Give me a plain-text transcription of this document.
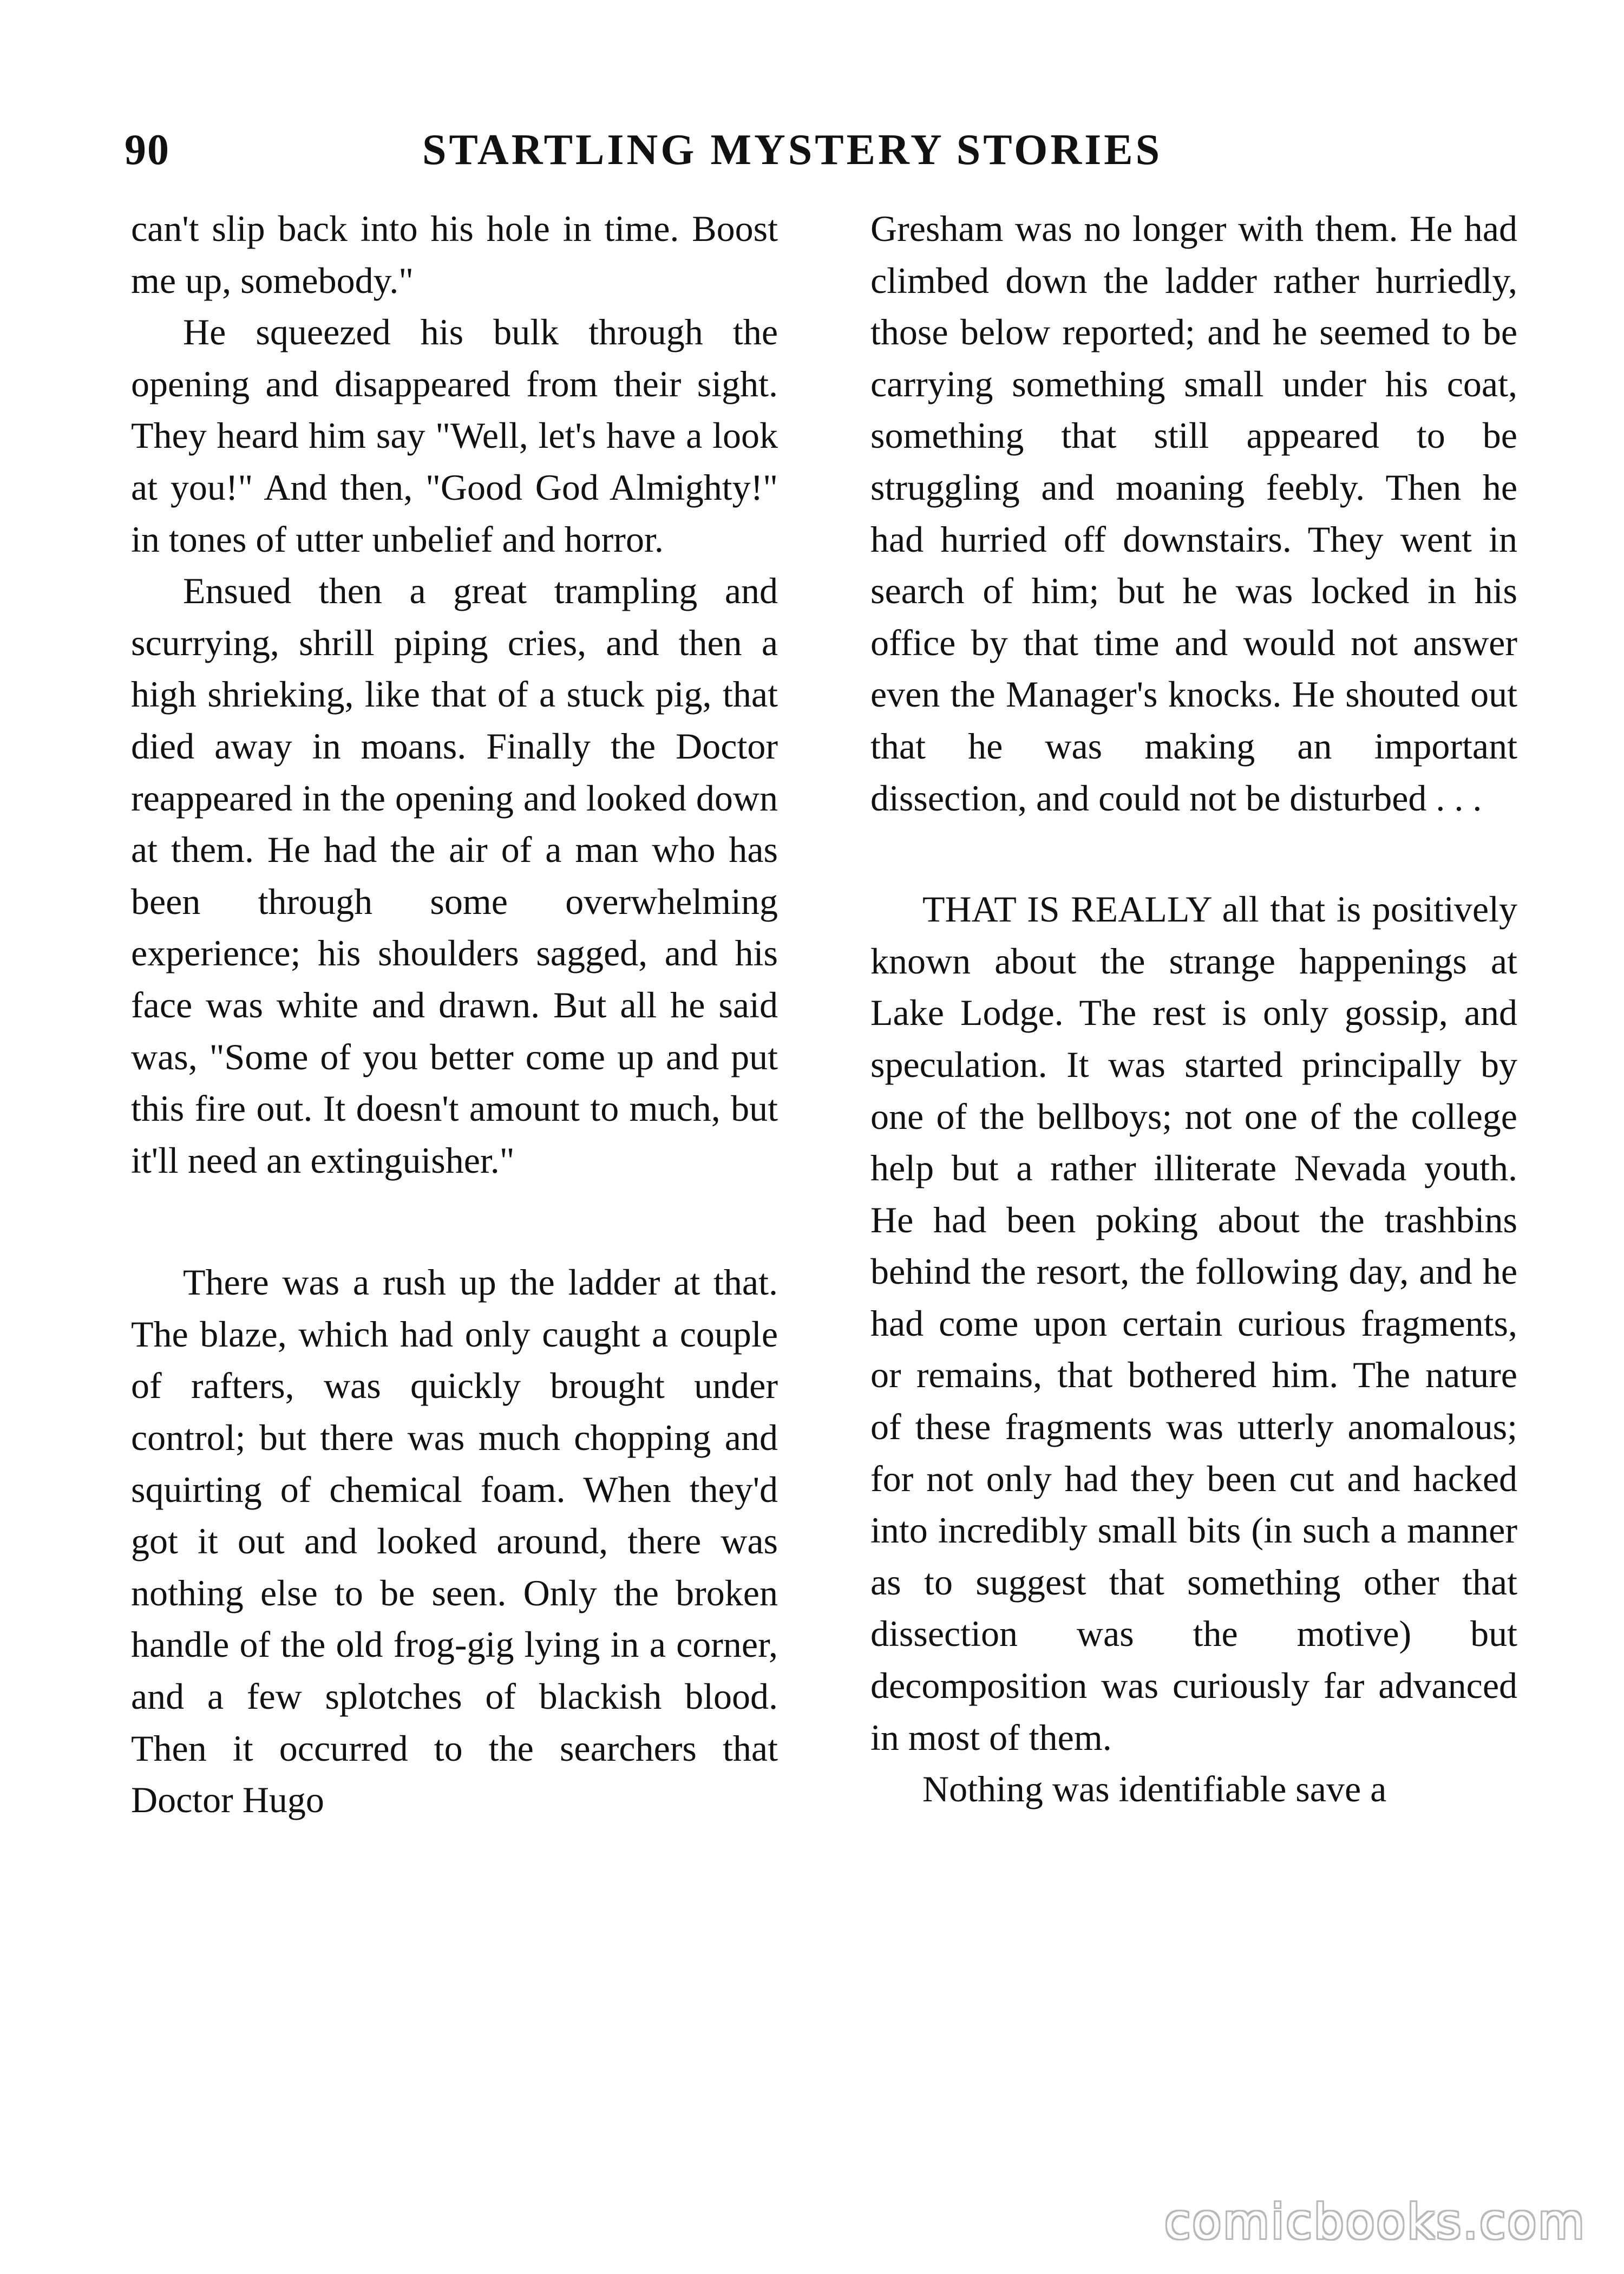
90	STARTLING MYSTERY STORIES

can't slip back into his hole in time. Boost me up, somebody."

He squeezed his bulk through the opening and disappeared from their sight. They heard him say "Well, let's have a look at you!" And then, "Good God Almighty!" in tones of utter unbelief and horror.

Ensued then a great trampling and scurrying, shrill piping cries, and then a high shrieking, like that of a stuck pig, that died away in moans. Finally the Doctor reappeared in the opening and looked down at them. He had the air of a man who has been through some overwhelming experience; his shoulders sagged, and his face was white and drawn. But all he said was, "Some of you better come up and put this fire out. It doesn't amount to much, but it'll need an extinguisher."

There was a rush up the ladder at that. The blaze, which had only caught a couple of rafters, was quickly brought under control; but there was much chopping and squirting of chemical foam. When they'd got it out and looked around, there was nothing else to be seen. Only the broken handle of the old frog-gig lying in a corner, and a few splotches of blackish blood. Then it occurred to the searchers that Doctor Hugo

Gresham was no longer with them. He had climbed down the ladder rather hurriedly, those below reported; and he seemed to be carrying something small under his coat, something that still appeared to be struggling and moaning feebly. Then he had hurried off downstairs. They went in search of him; but he was locked in his office by that time and would not answer even the Manager's knocks. He shouted out that he was making an important dissection, and could not be disturbed . . .

THAT IS REALLY all that is positively known about the strange happenings at Lake Lodge. The rest is only gossip, and speculation. It was started principally by one of the bellboys; not one of the college help but a rather illiterate Nevada youth. He had been poking about the trashbins behind the resort, the following day, and he had come upon certain curious fragments, or remains, that bothered him. The nature of these fragments was utterly anomalous; for not only had they been cut and hacked into incredibly small bits (in such a manner as to suggest that something other that dissection was the motive) but decomposition was curiously far advanced in most of them.

Nothing was identifiable save a

comicbooks.com
